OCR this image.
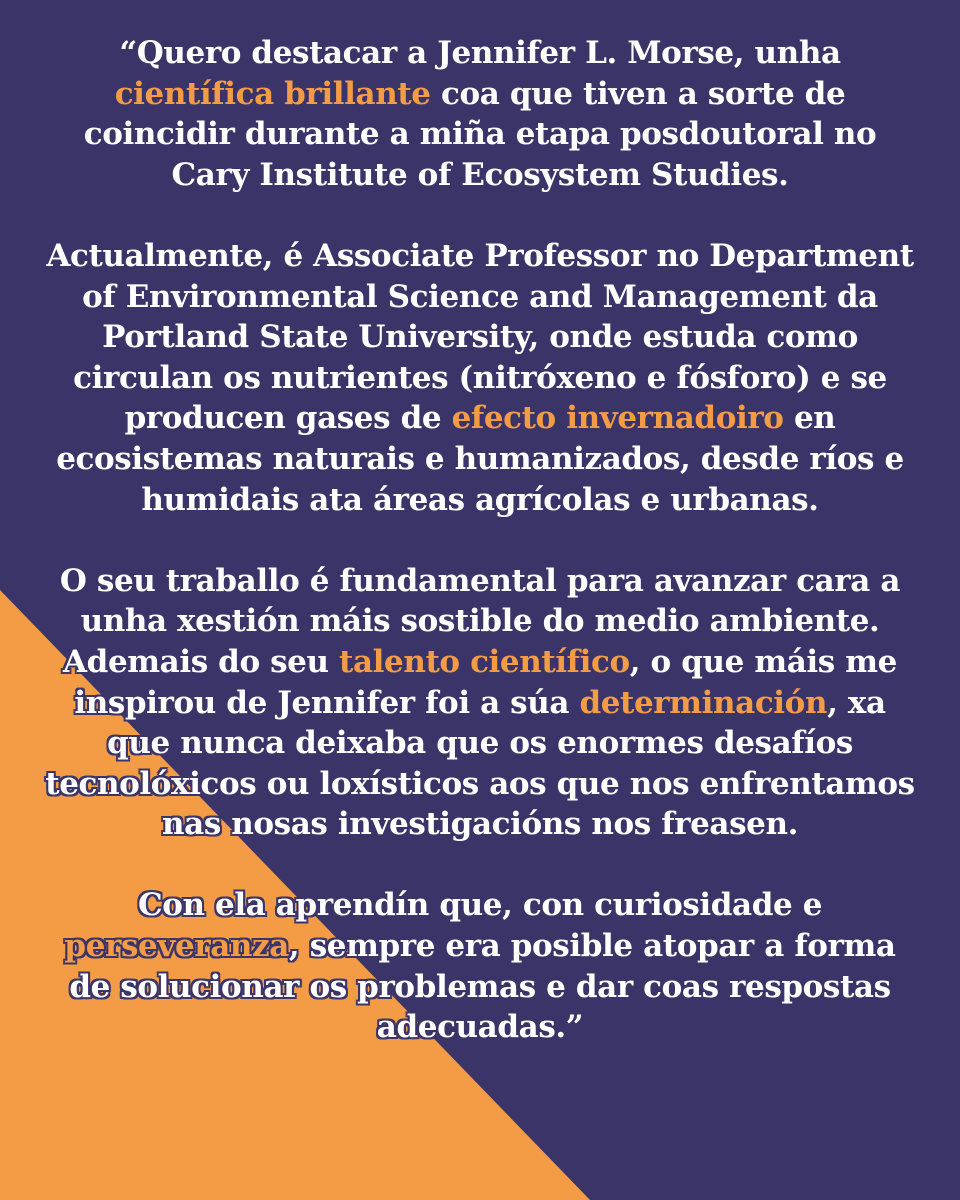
“Quero destacar a Jennifer L. Morse, unha científica brillante coa que tiven a sorte de coincidir durante a miña etapa posdoutoral no Cary Institute of Ecosystem Studies.

Actualmente, é Associate Professor no Department of Environmental Science and Management da Portland State University, onde estuda como circulan os nutrientes (nitróxeno e fósforo) e se producen gases de efecto invernadoiro en ecosistemas naturais e humanizados, desde ríos e humidais ata áreas agrícolas e urbanas.

O seu traballo é fundamental para avanzar cara a unha xestión máis sostible do medio ambiente. Ademais do seu talento científico, o que máis me inspirou de Jennifer foi a súa determinación, xa que nunca deixaba que os enormes desafíos tecnolóxicos ou loxísticos aos que nos enfrentamos nas nosas investigacións nos freasen.

Con ela aprendín que, con curiosidade e perseveranza, sempre era posible atopar a forma de solucionar os problemas e dar coas respostas adecuadas.”
